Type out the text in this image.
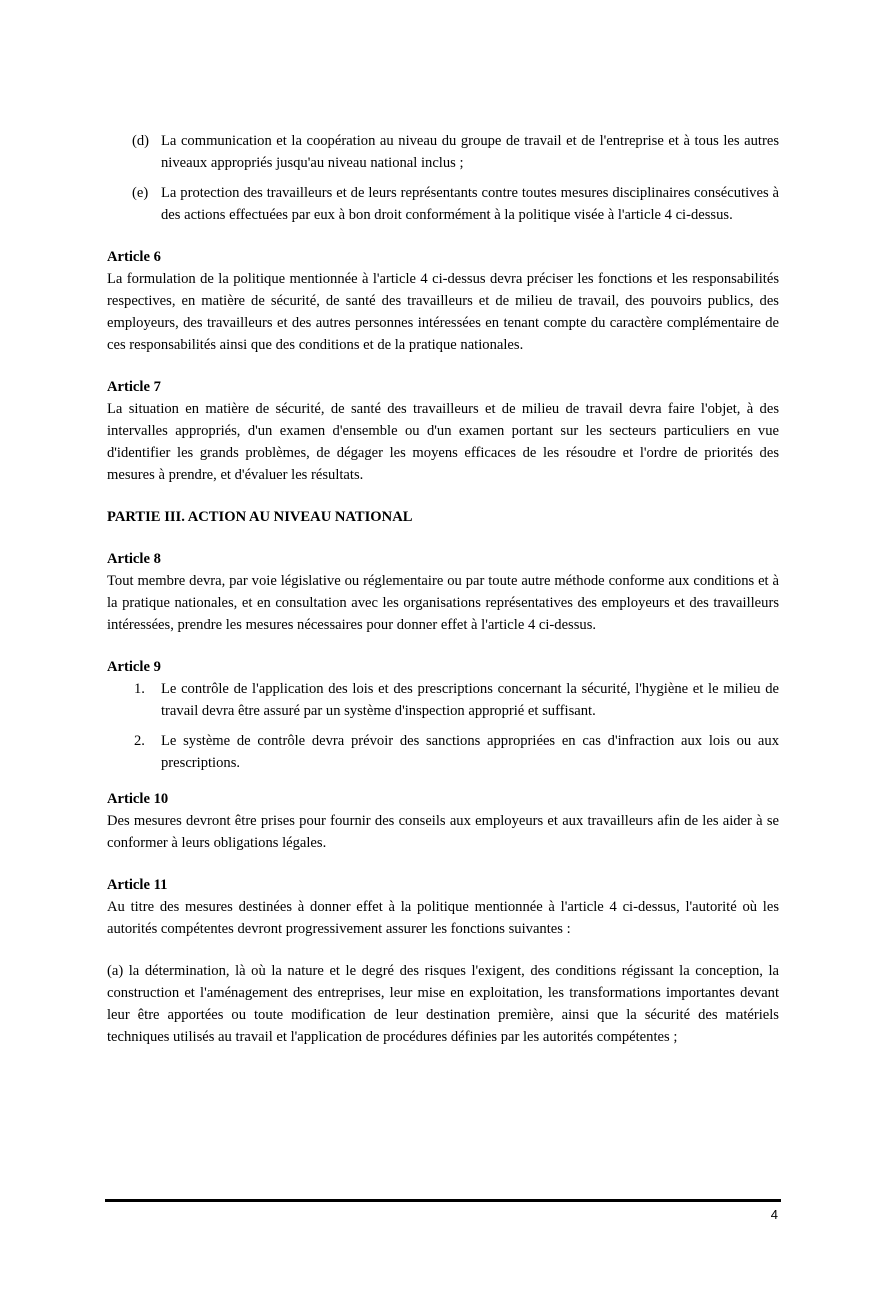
(d) La communication et la coopération au niveau du groupe de travail et de l'entreprise et à tous les autres niveaux appropriés jusqu'au niveau national inclus ;
(e) La protection des travailleurs et de leurs représentants contre toutes mesures disciplinaires consécutives à des actions effectuées par eux à bon droit conformément à la politique visée à l'article 4 ci-dessus.

Article 6

La formulation de la politique mentionnée à l'article 4 ci-dessus devra préciser les fonctions et les responsabilités respectives, en matière de sécurité, de santé des travailleurs et de milieu de travail, des pouvoirs publics, des employeurs, des travailleurs et des autres personnes intéressées en tenant compte du caractère complémentaire de ces responsabilités ainsi que des conditions et de la pratique nationales.

Article 7

La situation en matière de sécurité, de santé des travailleurs et de milieu de travail devra faire l'objet, à des intervalles appropriés, d'un examen d'ensemble ou d'un examen portant sur les secteurs particuliers en vue d'identifier les grands problèmes, de dégager les moyens efficaces de les résoudre et l'ordre de priorités des mesures à prendre, et d'évaluer les résultats.

PARTIE III. ACTION AU NIVEAU NATIONAL

Article 8

Tout membre devra, par voie législative ou réglementaire ou par toute autre méthode conforme aux conditions et à la pratique nationales, et en consultation avec les organisations représentatives des employeurs et des travailleurs intéressées, prendre les mesures nécessaires pour donner effet à l'article 4 ci-dessus.

Article 9

1. Le contrôle de l'application des lois et des prescriptions concernant la sécurité, l'hygiène et le milieu de travail devra être assuré par un système d'inspection approprié et suffisant.
2. Le système de contrôle devra prévoir des sanctions appropriées en cas d'infraction aux lois ou aux prescriptions.

Article 10

Des mesures devront être prises pour fournir des conseils aux employeurs et aux travailleurs afin de les aider à se conformer à leurs obligations légales.

Article 11

Au titre des mesures destinées à donner effet à la politique mentionnée à l'article 4 ci-dessus, l'autorité où les autorités compétentes devront progressivement assurer les fonctions suivantes :

(a) la détermination, là où la nature et le degré des risques l'exigent, des conditions régissant la conception, la construction et l'aménagement des entreprises, leur mise en exploitation, les transformations importantes devant leur être apportées ou toute modification de leur destination première, ainsi que la sécurité des matériels techniques utilisés au travail et l'application de procédures définies par les autorités compétentes ;

4
